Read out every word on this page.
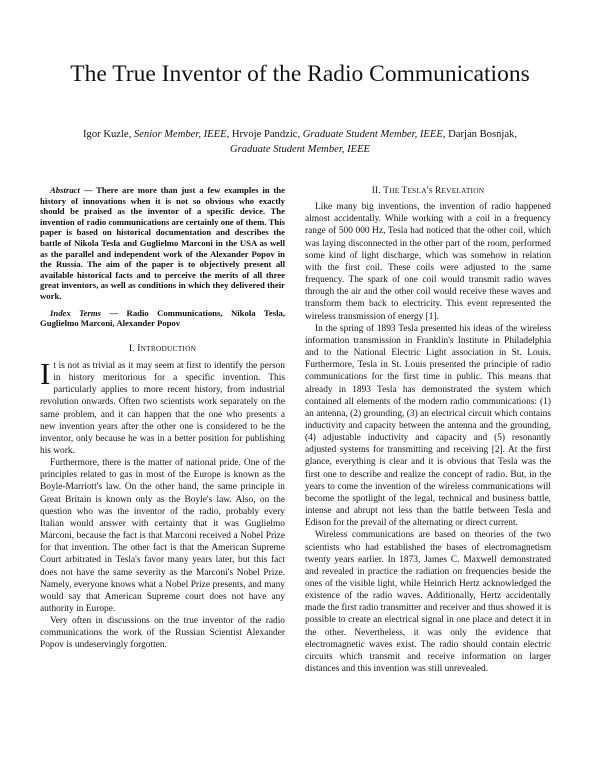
The True Inventor of the Radio Communications
Igor Kuzle, Senior Member, IEEE, Hrvoje Pandzic, Graduate Student Member, IEEE, Darjan Bosnjak,
Graduate Student Member, IEEE

Abstract — There are more than just a few examples in the history of innovations when it is not so obvious who exactly should be praised as the inventor of a specific device. The invention of radio communications are certainly one of them. This paper is based on historical documentation and describes the battle of Nikola Tesla and Guglielmo Marconi in the USA as well as the parallel and independent work of the Alexander Popov in the Russia. The aim of the paper is to objectively present all available historical facts and to perceive the merits of all three great inventors, as well as conditions in which they delivered their work.

Index Terms — Radio Communications, Nikola Tesla, Guglielmo Marconi, Alexander Popov

I. INTRODUCTION

It is not as trivial as it may seem at first to identify the person in history meritorious for a specific invention. This particularly applies to more recent history, from industrial revolution onwards. Often two scientists work separately on the same problem, and it can happen that the one who presents a new invention years after the other one is considered to be the inventor, only because he was in a better position for publishing his work.

Furthermore, there is the matter of national pride. One of the principles related to gas in most of the Europe is known as the Boyle-Marriott's law. On the other hand, the same principle in Great Britain is known only as the Boyle's law. Also, on the question who was the inventor of the radio, probably every Italian would answer with certainty that it was Guglielmo Marconi, because the fact is that Marconi received a Nobel Prize for that invention. The other fact is that the American Supreme Court arbitrated in Tesla's favor many years later, but this fact does not have the same severity as the Marconi's Nobel Prize. Namely, everyone knows what a Nobel Prize presents, and many would say that American Supreme court does not have any authority in Europe.

Very often in discussions on the true inventor of the radio communications the work of the Russian Scientist Alexander Popov is undeservingly forgotten.

II. THE TESLA'S REVELATION

Like many big inventions, the invention of radio happened almost accidentally. While working with a coil in a frequency range of 500 000 Hz, Tesla had noticed that the other coil, which was laying disconnected in the other part of the room, performed some kind of light discharge, which was somehow in relation with the first coil. These coils were adjusted to the same frequency. The spark of one coil would transmit radio waves through the air and the other coil would receive these waves and transform them back to electricity. This event represented the wireless transmission of energy [1].

In the spring of 1893 Tesla presented his ideas of the wireless information transmission in Franklin's Institute in Philadelphia and to the National Electric Light association in St. Louis. Furthermore, Tesla in St. Louis presented the principle of radio communications for the first time in public. This means that already in 1893 Tesla has demonstrated the system which contained all elements of the modern radio communications: (1) an antenna, (2) grounding, (3) an electrical circuit which contains inductivity and capacity between the antenna and the grounding, (4) adjustable inductivity and capacity and (5) resonantly adjusted systems for transmitting and receiving [2]. At the first glance, everything is clear and it is obvious that Tesla was the first one to describe and realize the concept of radio. But, in the years to come the invention of the wireless communications will become the spotlight of the legal, technical and business battle, intense and abrupt not less than the battle between Tesla and Edison for the prevail of the alternating or direct current.

Wireless communications are based on theories of the two scientists who had established the bases of electromagnetism twenty years earlier. In 1873, James C. Maxwell demonstrated and revealed in practice the radiation on frequencies beside the ones of the visible light, while Heinrich Hertz acknowledged the existence of the radio waves. Additionally, Hertz accidentally made the first radio transmitter and receiver and thus showed it is possible to create an electrical signal in one place and detect it in the other. Nevertheless, it was only the evidence that electromagnetic waves exist. The radio should contain electric circuits which transmit and receive information on larger distances and this invention was still unrevealed.
